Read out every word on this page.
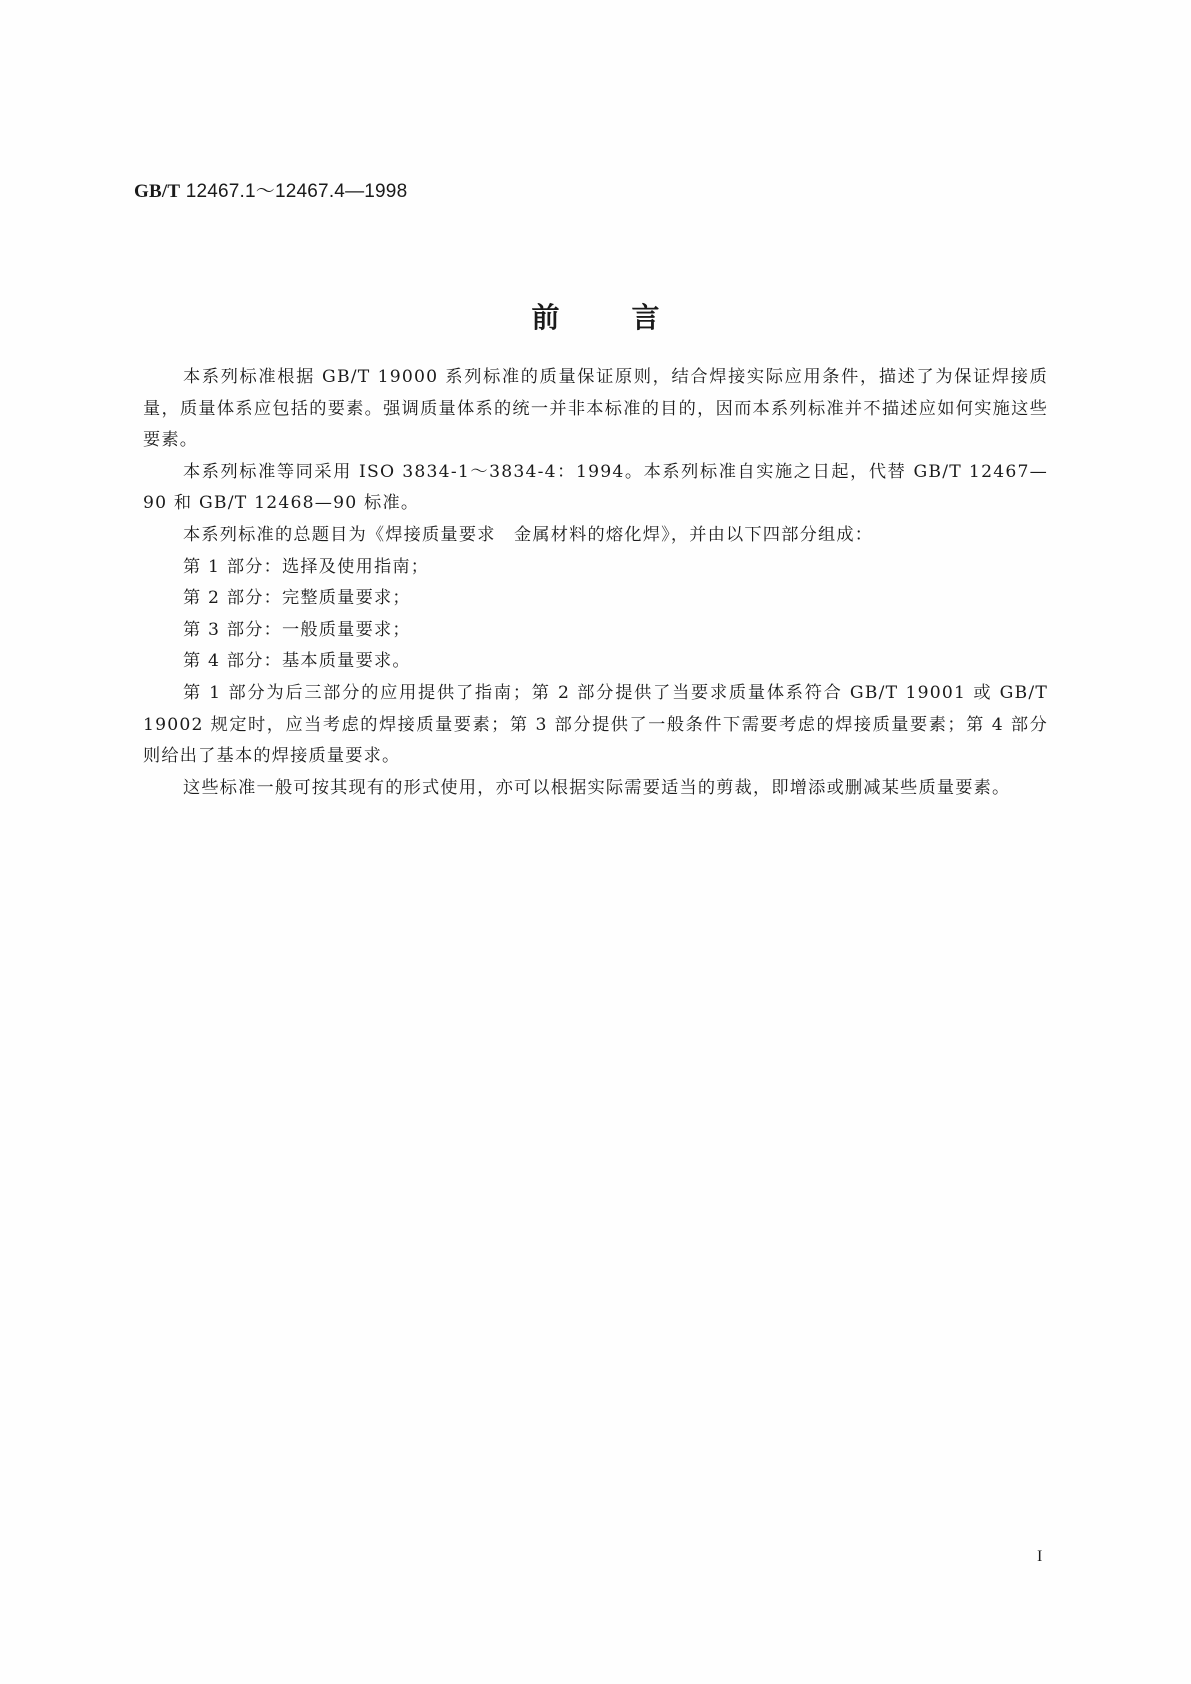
GB/T 12467.1～12467.4—1998
前言

本系列标准根据 GB/T 19000 系列标准的质量保证原则，结合焊接实际应用条件，描述了为保证焊接质量，质量体系应包括的要素。强调质量体系的统一并非本标准的目的，因而本系列标准并不描述应如何实施这些要素。

本系列标准等同采用 ISO 3834-1～3834-4：1994。本系列标准自实施之日起，代替 GB/T 12467—90 和 GB/T 12468—90 标准。

本系列标准的总题目为《焊接质量要求　金属材料的熔化焊》，并由以下四部分组成：

第 1 部分：选择及使用指南；

第 2 部分：完整质量要求；

第 3 部分：一般质量要求；

第 4 部分：基本质量要求。

第 1 部分为后三部分的应用提供了指南；第 2 部分提供了当要求质量体系符合 GB/T 19001 或 GB/T 19002 规定时，应当考虑的焊接质量要素；第 3 部分提供了一般条件下需要考虑的焊接质量要素；第 4 部分则给出了基本的焊接质量要求。

这些标准一般可按其现有的形式使用，亦可以根据实际需要适当的剪裁，即增添或删减某些质量要素。

I
